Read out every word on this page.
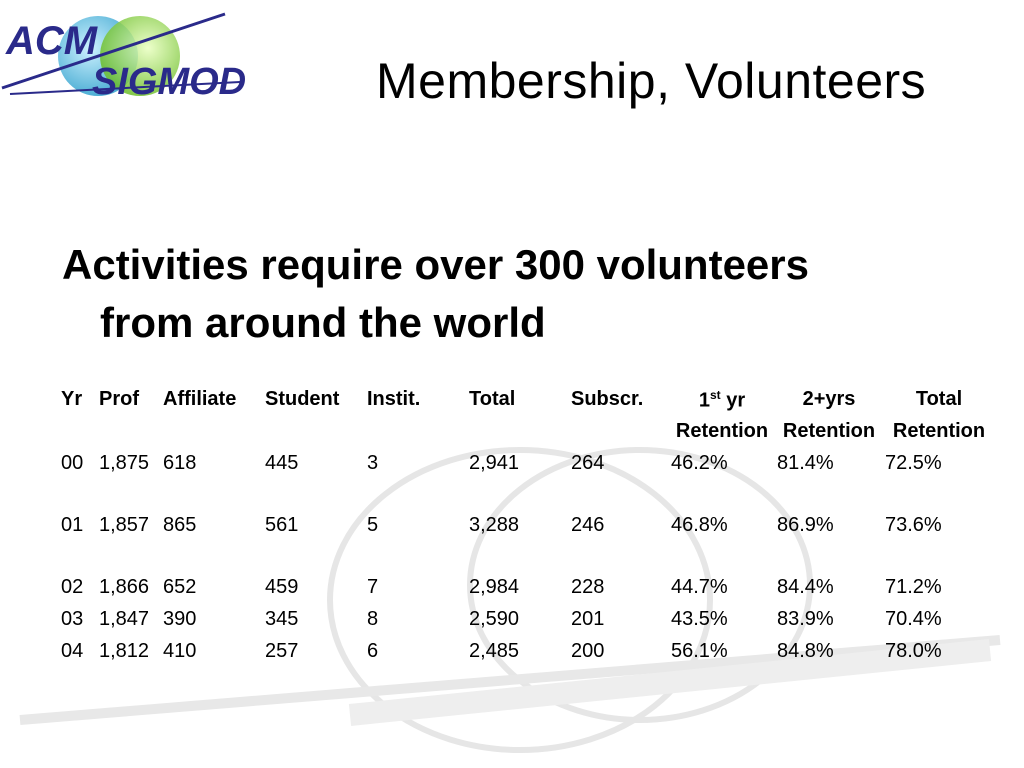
ACM
SIGMOD	Membership, Volunteers
Activities require over 300 volunteers
from around the world
Yr	Prof	Affiliate	Student	Instit.	Total	Subscr.	1st yr	2+yrs	Total
							Retention	Retention	Retention
00	1,875	618	445	3	2,941	264	46.2%	81.4%	72.5%

01	1,857	865	561	5	3,288	246	46.8%	86.9%	73.6%

02	1,866	652	459	7	2,984	228	44.7%	84.4%	71.2%
03	1,847	390	345	8	2,590	201	43.5%	83.9%	70.4%
04	1,812	410	257	6	2,485	200	56.1%	84.8%	78.0%
